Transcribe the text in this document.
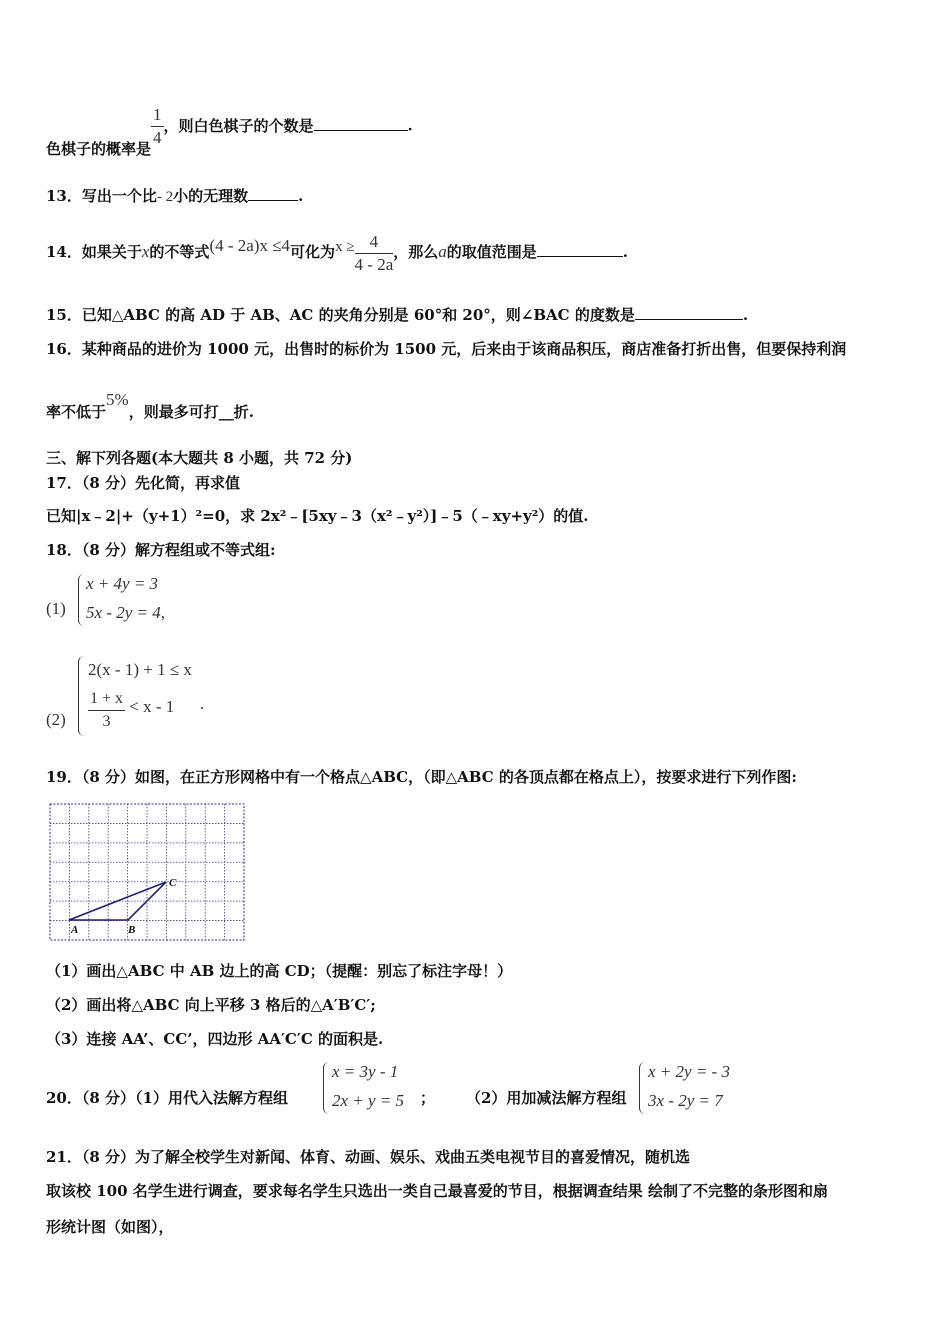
色棋子的概率是 $\frac{1}{4}$ ，则白色棋子的个数是	.
13．写出一个比- 2小的无理数	.
14．如果关于x的不等式(4 - 2a)x ≤4可化为$x \ge \frac{4}{4 - 2a}$ ，那么a的取值范围是	.
15．已知△ABC 的高 AD 于 AB、AC 的夹角分别是 60°和 20°，则∠BAC 的度数是	.
16．某种商品的进价为 1000 元，出售时的标价为 1500 元，后来由于该商品积压，商店准备打折出售，但要保持利润
率不低于5%，则最多可打__折.
三、解下列各题(本大题共 8 小题，共 72 分)
17．（8 分）先化简，再求值
已知|x﹣2|+（y+1）²=0，求 2x²﹣[5xy﹣3（x²﹣y²）]﹣5（﹣xy+y²）的值.
18．（8 分）解方程组或不等式组:
(1)
x + 4y = 3
5x - 2y = 4,
(2)
2(x - 1) + 1 ≤ x
$\frac{1 + x}{3} < x - 1$ .
19．（8 分）如图，在正方形网格中有一个格点△ABC，（即△ABC 的各顶点都在格点上），按要求进行下列作图:
A	B
C
（1）画出△ABC 中 AB 边上的高 CD；（提醒：别忘了标注字母！）
（2）画出将△ABC 向上平移 3 格后的△A′B′C′;
（3）连接 AA’、CC’，四边形 AA′C′C 的面积是.
20．（8 分）（1）用代入法解方程组
x = 3y - 1
2x + y = 5 ； （2）用加减法解方程组
x + 2y = - 3
3x - 2y = 7
21．（8 分）为了解全校学生对新闻、体育、动画、娱乐、戏曲五类电视节目的喜爱情况，随机选
取该校 100 名学生进行调查，要求每名学生只选出一类自己最喜爱的节目，根据调查结果 绘制了不完整的条形图和扇
形统计图（如图），
